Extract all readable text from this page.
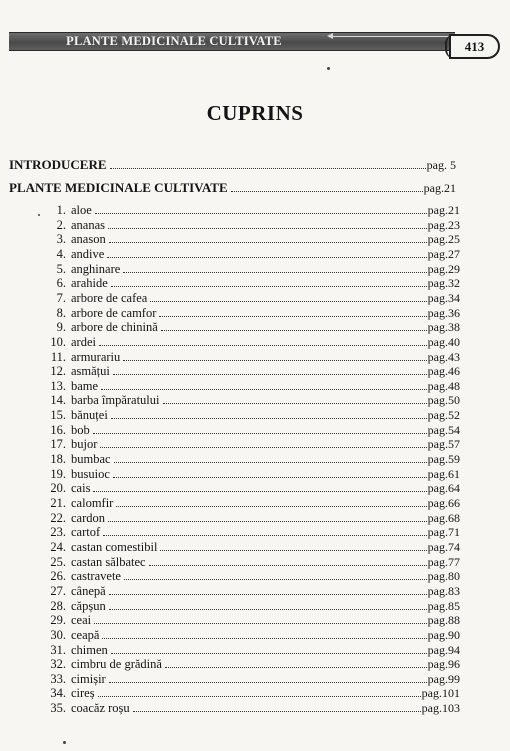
PLANTE MEDICINALE CULTIVATE	413
CUPRINS
INTRODUCERE	pag. 5
PLANTE MEDICINALE CULTIVATE	pag.21
1. aloe	pag.21
2. ananas	pag.23
3. anason	pag.25
4. andive	pag.27
5. anghinare	pag.29
6. arahide	pag.32
7. arbore de cafea	pag.34
8. arbore de camfor	pag.36
9. arbore de chinină	pag.38
10. ardei	pag.40
11. armurariu	pag.43
12. asmățui	pag.46
13. bame	pag.48
14. barba împăratului	pag.50
15. bănuței	pag.52
16. bob	pag.54
17. bujor	pag.57
18. bumbac	pag.59
19. busuioc	pag.61
20. cais	pag.64
21. calomfir	pag.66
22. cardon	pag.68
23. cartof	pag.71
24. castan comestibil	pag.74
25. castan sălbatec	pag.77
26. castravete	pag.80
27. cânepă	pag.83
28. căpșun	pag.85
29. ceai	pag.88
30. ceapă	pag.90
31. chimen	pag.94
32. cimbru de grădină	pag.96
33. cimișir	pag.99
34. cireș	pag.101
35. coacăz roșu	pag.103
